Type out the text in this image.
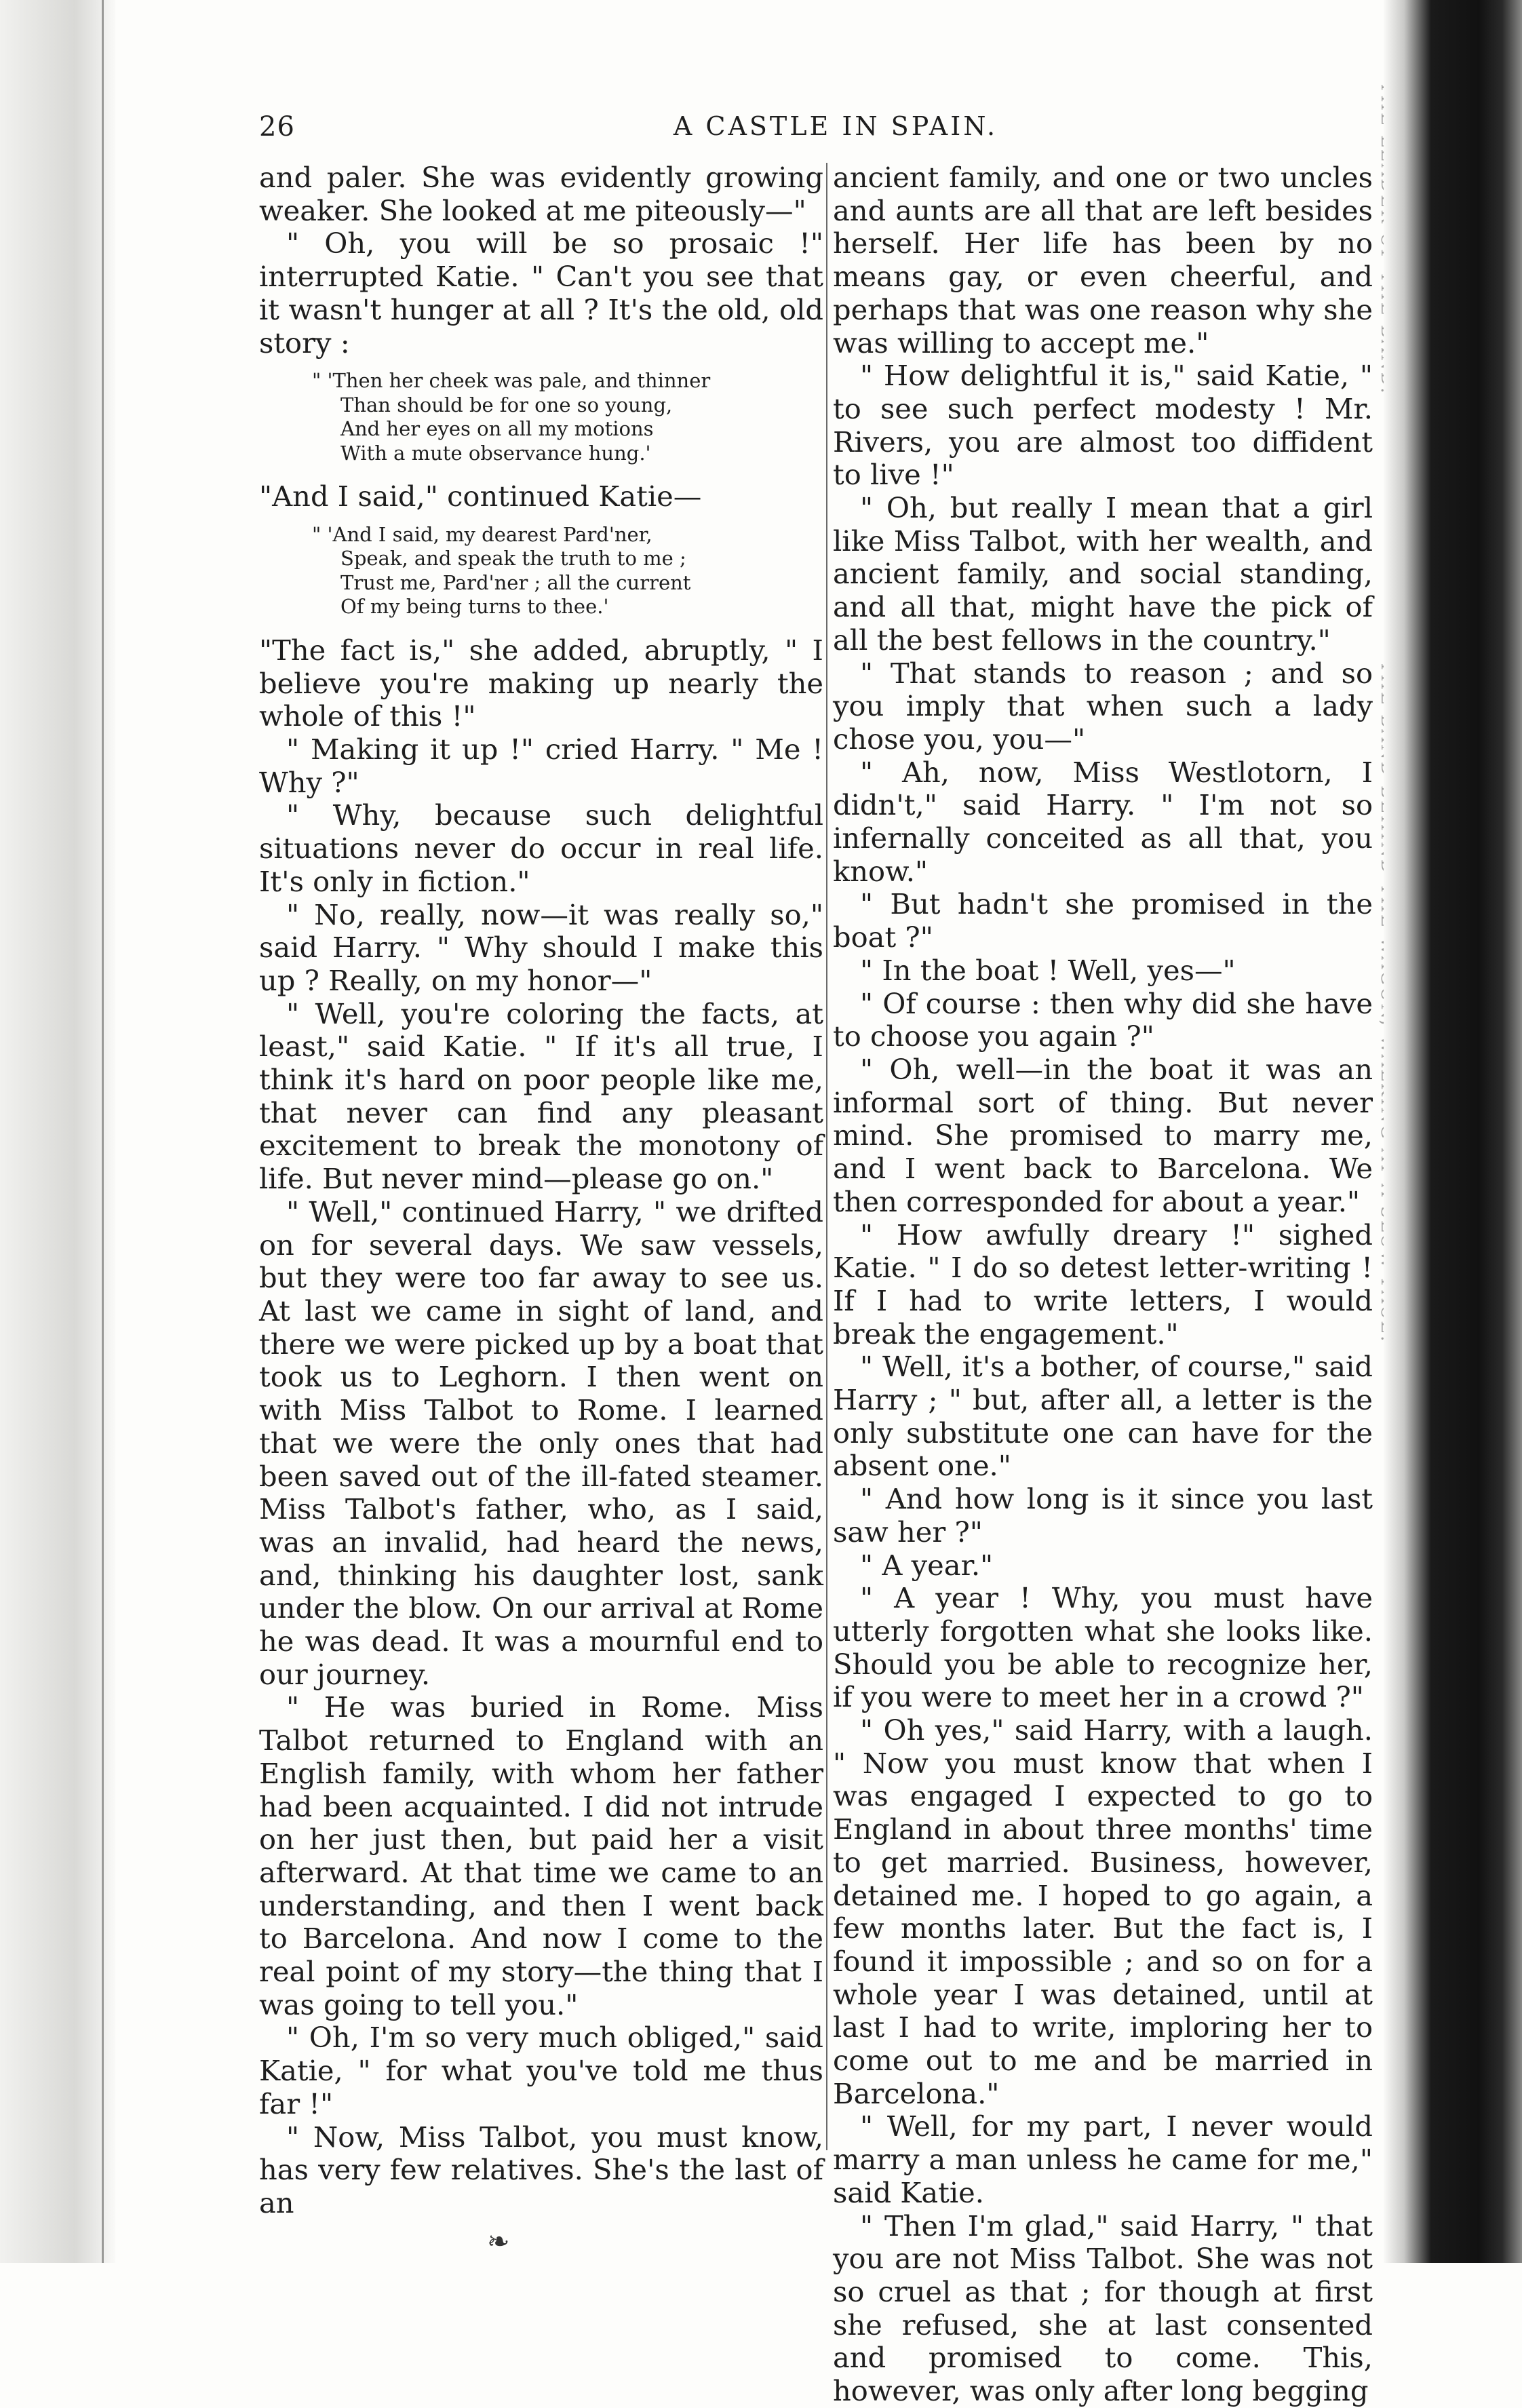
26	A CASTLE IN SPAIN.

and paler. She was evidently growing weaker. She looked at me piteously—"

" Oh, you will be so prosaic !" interrupted Katie. " Can't you see that it wasn't hunger at all ? It's the old, old story :

" 'Then her cheek was pale, and thinner
Than should be for one so young,
And her eyes on all my motions
With a mute observance hung.'

"And I said," continued Katie—

" 'And I said, my dearest Pard'ner,
Speak, and speak the truth to me ;
Trust me, Pard'ner ; all the current
Of my being turns to thee.'

"The fact is," she added, abruptly, " I believe you're making up nearly the whole of this !"

" Making it up !" cried Harry. " Me ! Why ?"

" Why, because such delightful situations never do occur in real life. It's only in fiction."

" No, really, now—it was really so," said Harry. " Why should I make this up ? Really, on my honor—"

" Well, you're coloring the facts, at least," said Katie. " If it's all true, I think it's hard on poor people like me, that never can find any pleasant excitement to break the monotony of life. But never mind—please go on."

" Well," continued Harry, " we drifted on for several days. We saw vessels, but they were too far away to see us. At last we came in sight of land, and there we were picked up by a boat that took us to Leghorn. I then went on with Miss Talbot to Rome. I learned that we were the only ones that had been saved out of the ill-fated steamer. Miss Talbot's father, who, as I said, was an invalid, had heard the news, and, thinking his daughter lost, sank under the blow. On our arrival at Rome he was dead. It was a mournful end to our journey.

" He was buried in Rome. Miss Talbot returned to England with an English family, with whom her father had been acquainted. I did not intrude on her just then, but paid her a visit afterward. At that time we came to an understanding, and then I went back to Barcelona. And now I come to the real point of my story—the thing that I was going to tell you."

" Oh, I'm so very much obliged," said Katie, " for what you've told me thus far !"

" Now, Miss Talbot, you must know, has very few relatives. She's the last of an

ancient family, and one or two uncles and aunts are all that are left besides herself. Her life has been by no means gay, or even cheerful, and perhaps that was one reason why she was willing to accept me."

" How delightful it is," said Katie, " to see such perfect modesty ! Mr. Rivers, you are almost too diffident to live !"

" Oh, but really I mean that a girl like Miss Talbot, with her wealth, and ancient family, and social standing, and all that, might have the pick of all the best fellows in the country."

" That stands to reason ; and so you imply that when such a lady chose you, you—"

" Ah, now, Miss Westlotorn, I didn't," said Harry. " I'm not so infernally conceited as all that, you know."

" But hadn't she promised in the boat ?"

" In the boat ! Well, yes—"

" Of course : then why did she have to choose you again ?"

" Oh, well—in the boat it was an informal sort of thing. But never mind. She promised to marry me, and I went back to Barcelona. We then corresponded for about a year."

" How awfully dreary !" sighed Katie. " I do so detest letter-writing ! If I had to write letters, I would break the engagement."

" Well, it's a bother, of course," said Harry ; " but, after all, a letter is the only substitute one can have for the absent one."

" And how long is it since you last saw her ?"

" A year."

" A year ! Why, you must have utterly forgotten what she looks like. Should you be able to recognize her, if you were to meet her in a crowd ?"

" Oh yes," said Harry, with a laugh. " Now you must know that when I was engaged I expected to go to England in about three months' time to get married. Business, however, detained me. I hoped to go again, a few months later. But the fact is, I found it impossible ; and so on for a whole year I was detained, until at last I had to write, imploring her to come out to me and be married in Barcelona."

" Well, for my part, I never would marry a man unless he came for me," said Katie.

" Then I'm glad," said Harry, " that you are not Miss Talbot. She was not so cruel as that ; for though at first she refused, she at last consented and promised to come. This, however, was only after long begging

❧
